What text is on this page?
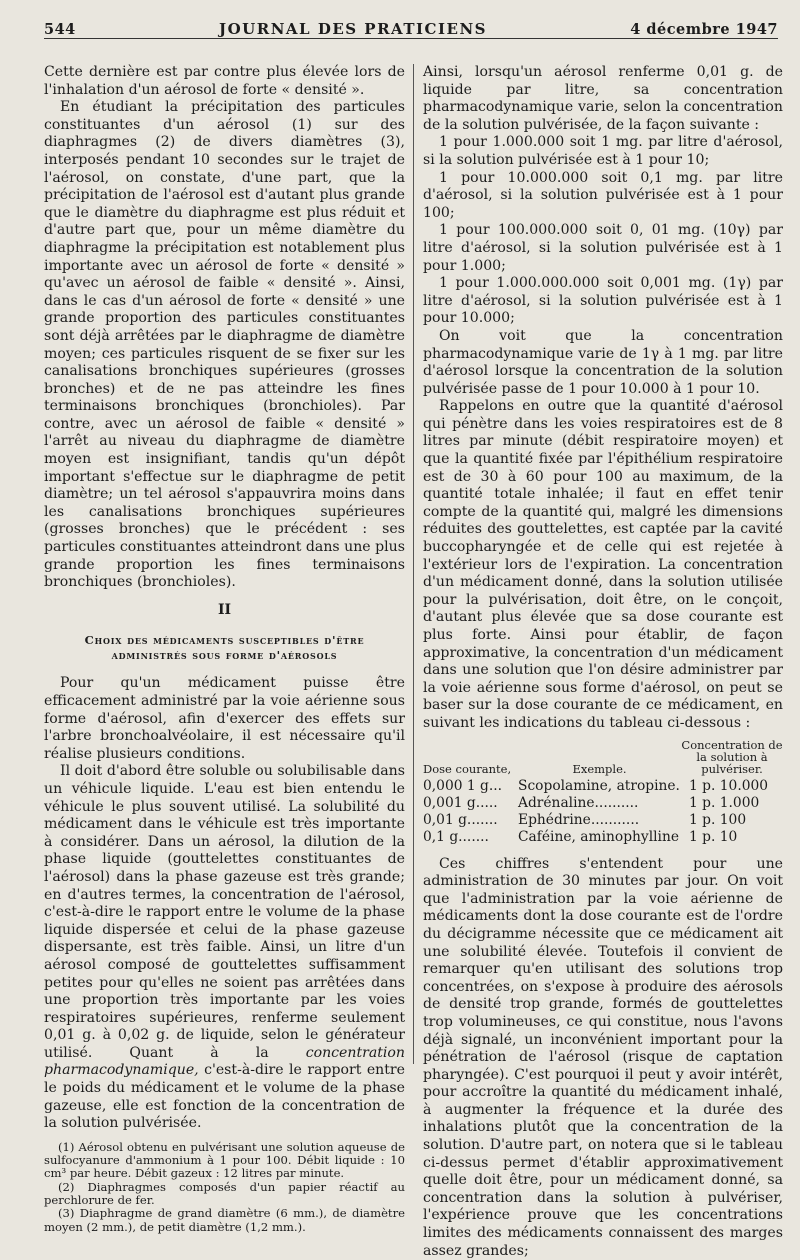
544	JOURNAL DES PRATICIENS	4 décembre 1947

Cette dernière est par contre plus élevée lors de l'inhalation d'un aérosol de forte « densité ».

En étudiant la précipitation des particules constituantes d'un aérosol (1) sur des diaphragmes (2) de divers diamètres (3), interposés pendant 10 secondes sur le trajet de l'aérosol, on constate, d'une part, que la précipitation de l'aérosol est d'autant plus grande que le diamètre du diaphragme est plus réduit et d'autre part que, pour un même diamètre du diaphragme la précipitation est notablement plus importante avec un aérosol de forte « densité » qu'avec un aérosol de faible « densité ». Ainsi, dans le cas d'un aérosol de forte « densité » une grande proportion des particules constituantes sont déjà arrêtées par le diaphragme de diamètre moyen; ces particules risquent de se fixer sur les canalisations bronchiques supérieures (grosses bronches) et de ne pas atteindre les fines terminaisons bronchiques (bronchioles). Par contre, avec un aérosol de faible « densité » l'arrêt au niveau du diaphragme de diamètre moyen est insignifiant, tandis qu'un dépôt important s'effectue sur le diaphragme de petit diamètre; un tel aérosol s'appauvrira moins dans les canalisations bronchiques supérieures (grosses bronches) que le précédent : ses particules constituantes atteindront dans une plus grande proportion les fines terminaisons bronchiques (bronchioles).

II

Choix des médicaments susceptibles d'être
administrés sous forme d'aérosols

Pour qu'un médicament puisse être efficacement administré par la voie aérienne sous forme d'aérosol, afin d'exercer des effets sur l'arbre bronchoalvéolaire, il est nécessaire qu'il réalise plusieurs conditions.

Il doit d'abord être soluble ou solubilisable dans un véhicule liquide. L'eau est bien entendu le véhicule le plus souvent utilisé. La solubilité du médicament dans le véhicule est très importante à considérer. Dans un aérosol, la dilution de la phase liquide (gouttelettes constituantes de l'aérosol) dans la phase gazeuse est très grande; en d'autres termes, la concentration de l'aérosol, c'est-à-dire le rapport entre le volume de la phase liquide dispersée et celui de la phase gazeuse dispersante, est très faible. Ainsi, un litre d'un aérosol composé de gouttelettes suffisamment petites pour qu'elles ne soient pas arrêtées dans une proportion très importante par les voies respiratoires supérieures, renferme seulement 0,01 g. à 0,02 g. de liquide, selon le générateur utilisé. Quant à la concentration pharmacodynamique, c'est-à-dire le rapport entre le poids du médicament et le volume de la phase gazeuse, elle est fonction de la concentration de la solution pulvérisée.

(1) Aérosol obtenu en pulvérisant une solution aqueuse de sulfocyanure d'ammonium à 1 pour 100. Débit liquide : 10 cm³ par heure. Débit gazeux : 12 litres par minute.

(2) Diaphragmes composés d'un papier réactif au perchlorure de fer.

(3) Diaphragme de grand diamètre (6 mm.), de diamètre moyen (2 mm.), de petit diamètre (1,2 mm.).

Ainsi, lorsqu'un aérosol renferme 0,01 g. de liquide par litre, sa concentration pharmacodynamique varie, selon la concentration de la solution pulvérisée, de la façon suivante :

1 pour 1.000.000 soit 1 mg. par litre d'aérosol, si la solution pulvérisée est à 1 pour 10;

1 pour 10.000.000 soit 0,1 mg. par litre d'aérosol, si la solution pulvérisée est à 1 pour 100;

1 pour 100.000.000 soit 0, 01 mg. (10γ) par litre d'aérosol, si la solution pulvérisée est à 1 pour 1.000;

1 pour 1.000.000.000 soit 0,001 mg. (1γ) par litre d'aérosol, si la solution pulvérisée est à 1 pour 10.000;

On voit que la concentration pharmacodynamique varie de 1γ à 1 mg. par litre d'aérosol lorsque la concentration de la solution pulvérisée passe de 1 pour 10.000 à 1 pour 10.

Rappelons en outre que la quantité d'aérosol qui pénètre dans les voies respiratoires est de 8 litres par minute (débit respiratoire moyen) et que la quantité fixée par l'épithélium respiratoire est de 30 à 60 pour 100 au maximum, de la quantité totale inhalée; il faut en effet tenir compte de la quantité qui, malgré les dimensions réduites des gouttelettes, est captée par la cavité buccopharyngée et de celle qui est rejetée à l'extérieur lors de l'expiration. La concentration d'un médicament donné, dans la solution utilisée pour la pulvérisation, doit être, on le conçoit, d'autant plus élevée que sa dose courante est plus forte. Ainsi pour établir, de façon approximative, la concentration d'un médicament dans une solution que l'on désire administrer par la voie aérienne sous forme d'aérosol, on peut se baser sur la dose courante de ce médicament, en suivant les indications du tableau ci-dessous :

Dose courante,	Exemple.
Concentration de la solution à pulvériser.
0,000 1 g...	Scopolamine, atropine. 1 p. 10.000
0,001 g.....	Adrénaline..........	1 p. 1.000
0,01 g.......	Ephédrine...........	1 p. 100
0,1 g.......	Caféine, aminophylline 1 p. 10

Ces chiffres s'entendent pour une administration de 30 minutes par jour. On voit que l'administration par la voie aérienne de médicaments dont la dose courante est de l'ordre du décigramme nécessite que ce médicament ait une solubilité élevée. Toutefois il convient de remarquer qu'en utilisant des solutions trop concentrées, on s'expose à produire des aérosols de densité trop grande, formés de gouttelettes trop volumineuses, ce qui constitue, nous l'avons déjà signalé, un inconvénient important pour la pénétration de l'aérosol (risque de captation pharyngée). C'est pourquoi il peut y avoir intérêt, pour accroître la quantité du médicament inhalé, à augmenter la fréquence et la durée des inhalations plutôt que la concentration de la solution. D'autre part, on notera que si le tableau ci-dessus permet d'établir approximativement quelle doit être, pour un médicament donné, sa concentration dans la solution à pulvériser, l'expérience prouve que les concentrations limites des médicaments connaissent des marges assez grandes;
